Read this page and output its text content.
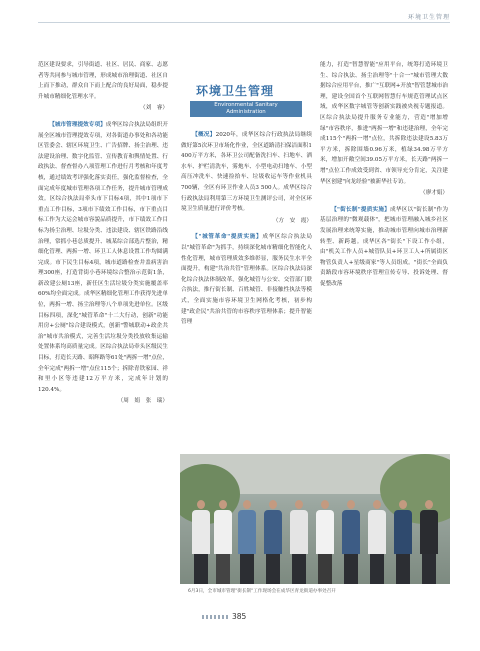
环境卫生管理

范区建设要求，引导街道、社区、居民、商家、志愿者等共同参与城市管理，形成城市治理街道、社区自上而下推动，群众自下而上配合的良好局面，稳步提升城市精细化管理水平。

（刘　睿）

【城市管理提效专项】成华区综合执法局组织开展全区城市管理提效专项，对各街道办事处和各功能区管委会、辖区环境卫生、广告招牌、扬尘治理、违法建设治理、数字化监管、宣传教育和舆情处置、行政执法、督查督办八项管理工作进行月考核和年度考核，通过绩效考评强化落实责任，强化监督检查，全面完成年度城市管理各项工作任务，提升城市管理成效。区综合执法局牵头市下目标4项，其中1项市下重点工作目标，3项市下绩效工作目标，市下重点目标工作为大运会城市容貌品质提升，市下绩效工作目标为扬尘治理、垃圾分类、违法建设、辖区铁路沿线治理，常抓小巷总质提升、城某综合部选片整治，精细化管理、两拆一增、环卫工人休息设置工作均圆满完成。市下民生目标4项，城市道路检查井盖病害治理300座，打造背街小巷环境综合整治示范街1条，新改建公厕13座，新任区生活垃圾分类实施覆盖率60%均全面完成。成华区精细化管理工作获得先进单位，两拆一增、扬尘治理等八个单项先进单位。区级目标四项，深化"城管革命"十二大行动，创新"功能用房+公厕"综合建设模式，创新"警城联动+政企共治"城市共治模式，完善生活垃圾分类投放收集运输处置体系均高质量完成。区综合执法局牵头区级民生目标，打造长天路、昭辉路等61处"两拆一增"点位，全年完成"两拆一增"点位115个；拆除青铁家园、祥和里小区等违建12万平方米，完成年计划的120.4%。

（周　娟　张　瑞）
环境卫生管理
Environmental Sanitary
Administration

【概况】2020年，成华区综合行政执法局继续做好第5次环卫市场化作业，全区道路清扫保洁面积1 400万平方米，各环卫公司配备洗扫车、扫地车、洒水车、护栏清洗车，雾炮车、小型电动扫地车、小型高压冲洗车、快速捡拾车、垃圾收运车等作业机具700辆，全区有环卫作业人员3 500人。成华区综合行政执法局利用第三方环境卫生测评公司，对全区环境卫生质量进行评价考核。

（方　安　霞）

【"城管革命"提质实施】成华区综合执法局以"城管革命"为抓手，持续深化城市精细化智能化人性化管理，城市管理质效多维彰显，服务民生水平全面提升，构建"共治共管"管理体系。区综合执法局深化综合执法体制改革，强化城管与公安、交管部门联合执法，推行街长制、百姓城管、非接触性执法等模式，全面实施市容环境卫生网格化考核，初步构建"政企民"共治共管的市容秩序管理体系；提升智能管理

能力，打造"智慧智能"应用平台，统筹打造环境卫生、综合执法、扬尘治理等"十合一"城市管理大数据综合应用平台，推广"互联网+开放"智管慧城市治理，建设全国首个互联网智慧行车规范管理试点区域，成华区数字城管等创新实践被央视专题报道。区综合执法局提升服务专业能力，营造"增加增绿"市容秩序，推进"两拆一增"和违建治理，全年完成115个"两拆一增"点位，共拆除违法建设5.83万平方米，拆除围墙0.96万米，植绿34.98万平方米，增加开敞空间39.05万平方米，长天路"两拆一增"点位工作成效受到省、市领导充分肯定，关注建华区创建"向龙经验"被新华社专访。

（廖才娟）

【"街长制"提质实施】成华区以"街长制"作为基层治理的"微观载体"，把城市管理融入城乡社区发展治理来统筹实施，推动城市管理向城市治理新转型、新跨越。成华区各"街长"下设工作小组，由"机关工作人员+城管队员+环卫工人+所属街区物管负责人+星级商家"等人员组成。"街长"全面负责路段市容环境秩序管理宣传专导、投诉处理、督促整改落

6月3日，全市城市管理"街长制"工作现场会在成华区青龙街道办事处召开
385
